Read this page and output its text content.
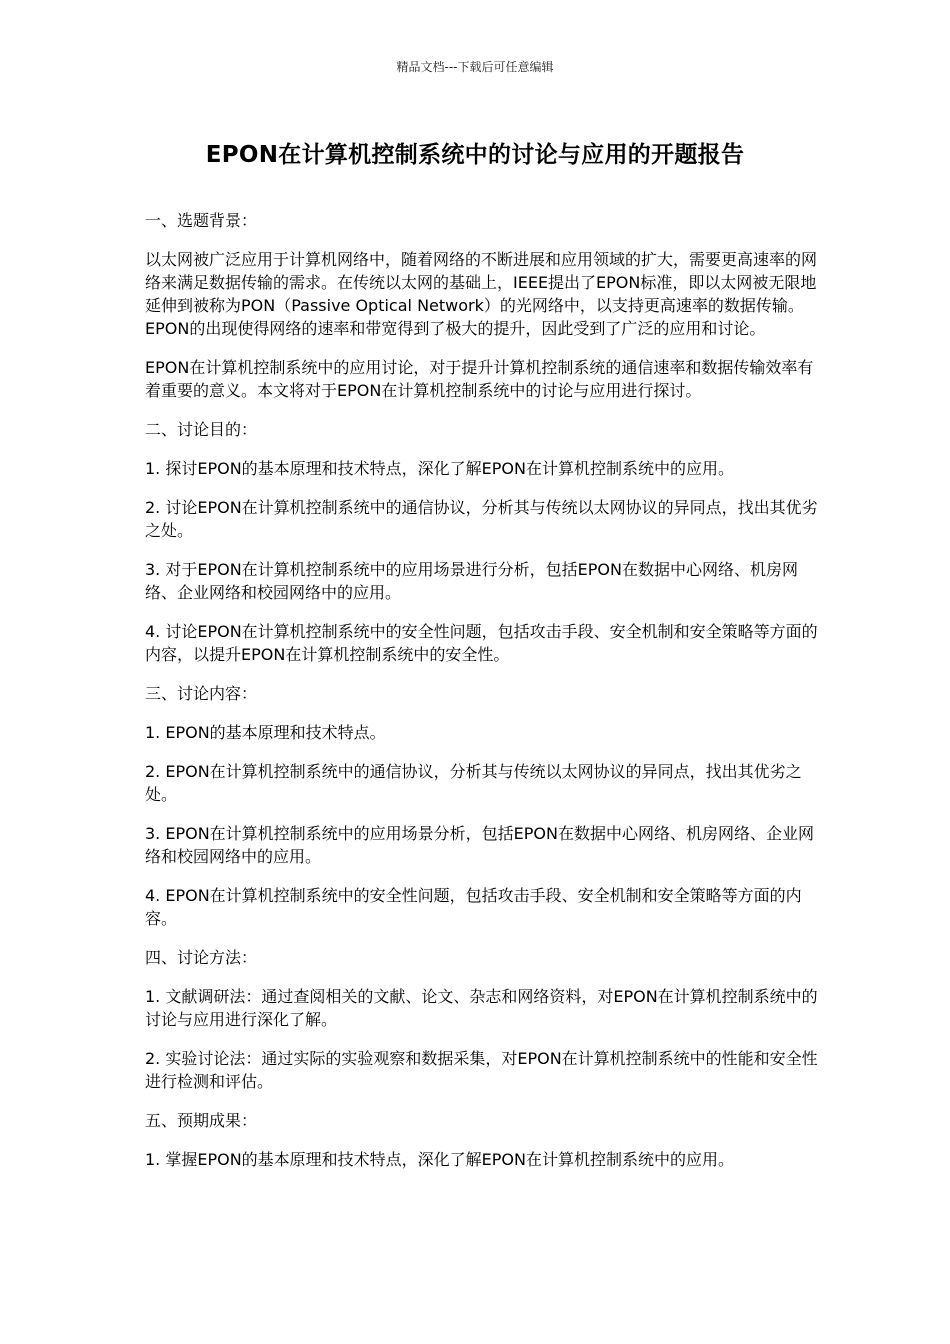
精品文档---下载后可任意编辑
EPON在计算机控制系统中的讨论与应用的开题报告

一、选题背景：

以太网被广泛应用于计算机网络中，随着网络的不断进展和应用领域的扩大，需要更高速率的网络来满足数据传输的需求。在传统以太网的基础上，IEEE提出了EPON标准，即以太网被无限地延伸到被称为PON（Passive Optical Network）的光网络中，以支持更高速率的数据传输。EPON的出现使得网络的速率和带宽得到了极大的提升，因此受到了广泛的应用和讨论。

EPON在计算机控制系统中的应用讨论，对于提升计算机控制系统的通信速率和数据传输效率有着重要的意义。本文将对于EPON在计算机控制系统中的讨论与应用进行探讨。

二、讨论目的：

1. 探讨EPON的基本原理和技术特点，深化了解EPON在计算机控制系统中的应用。

2. 讨论EPON在计算机控制系统中的通信协议，分析其与传统以太网协议的异同点，找出其优劣之处。

3. 对于EPON在计算机控制系统中的应用场景进行分析，包括EPON在数据中心网络、机房网络、企业网络和校园网络中的应用。

4. 讨论EPON在计算机控制系统中的安全性问题，包括攻击手段、安全机制和安全策略等方面的内容，以提升EPON在计算机控制系统中的安全性。

三、讨论内容：

1. EPON的基本原理和技术特点。

2. EPON在计算机控制系统中的通信协议，分析其与传统以太网协议的异同点，找出其优劣之处。

3. EPON在计算机控制系统中的应用场景分析，包括EPON在数据中心网络、机房网络、企业网络和校园网络中的应用。

4. EPON在计算机控制系统中的安全性问题，包括攻击手段、安全机制和安全策略等方面的内容。

四、讨论方法：

1. 文献调研法：通过查阅相关的文献、论文、杂志和网络资料，对EPON在计算机控制系统中的讨论与应用进行深化了解。

2. 实验讨论法：通过实际的实验观察和数据采集，对EPON在计算机控制系统中的性能和安全性进行检测和评估。

五、预期成果：

1. 掌握EPON的基本原理和技术特点，深化了解EPON在计算机控制系统中的应用。
